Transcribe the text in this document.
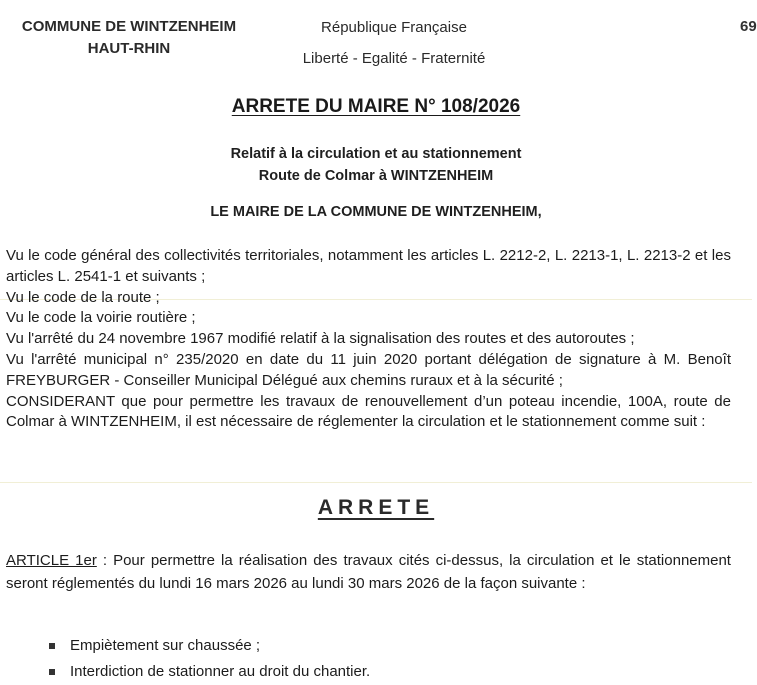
COMMUNE DE WINTZENHEIM
HAUT-RHIN
République Française
Liberté - Egalité - Fraternité
69
ARRETE DU MAIRE N° 108/2026
Relatif à la circulation et au stationnement
Route de Colmar à WINTZENHEIM
LE MAIRE DE LA COMMUNE DE WINTZENHEIM,

Vu le code général des collectivités territoriales, notamment les articles L. 2212-2, L. 2213-1, L. 2213-2 et les articles L. 2541-1 et suivants ;

Vu le code de la route ;

Vu le code la voirie routière ;

Vu l'arrêté du 24 novembre 1967 modifié relatif à la signalisation des routes et des autoroutes ;

Vu l'arrêté municipal n° 235/2020 en date du 11 juin 2020 portant délégation de signature à M. Benoît FREYBURGER - Conseiller Municipal Délégué aux chemins ruraux et à la sécurité ;

CONSIDERANT que pour permettre les travaux de renouvellement d’un poteau incendie, 100A, route de Colmar à WINTZENHEIM, il est nécessaire de réglementer la circulation et le stationnement comme suit :

ARRETE

ARTICLE 1er : Pour permettre la réalisation des travaux cités ci-dessus, la circulation et le stationnement seront réglementés du lundi 16 mars 2026 au lundi 30 mars 2026 de la façon suivante :

Empiètement sur chaussée ;
Interdiction de stationner au droit du chantier.
